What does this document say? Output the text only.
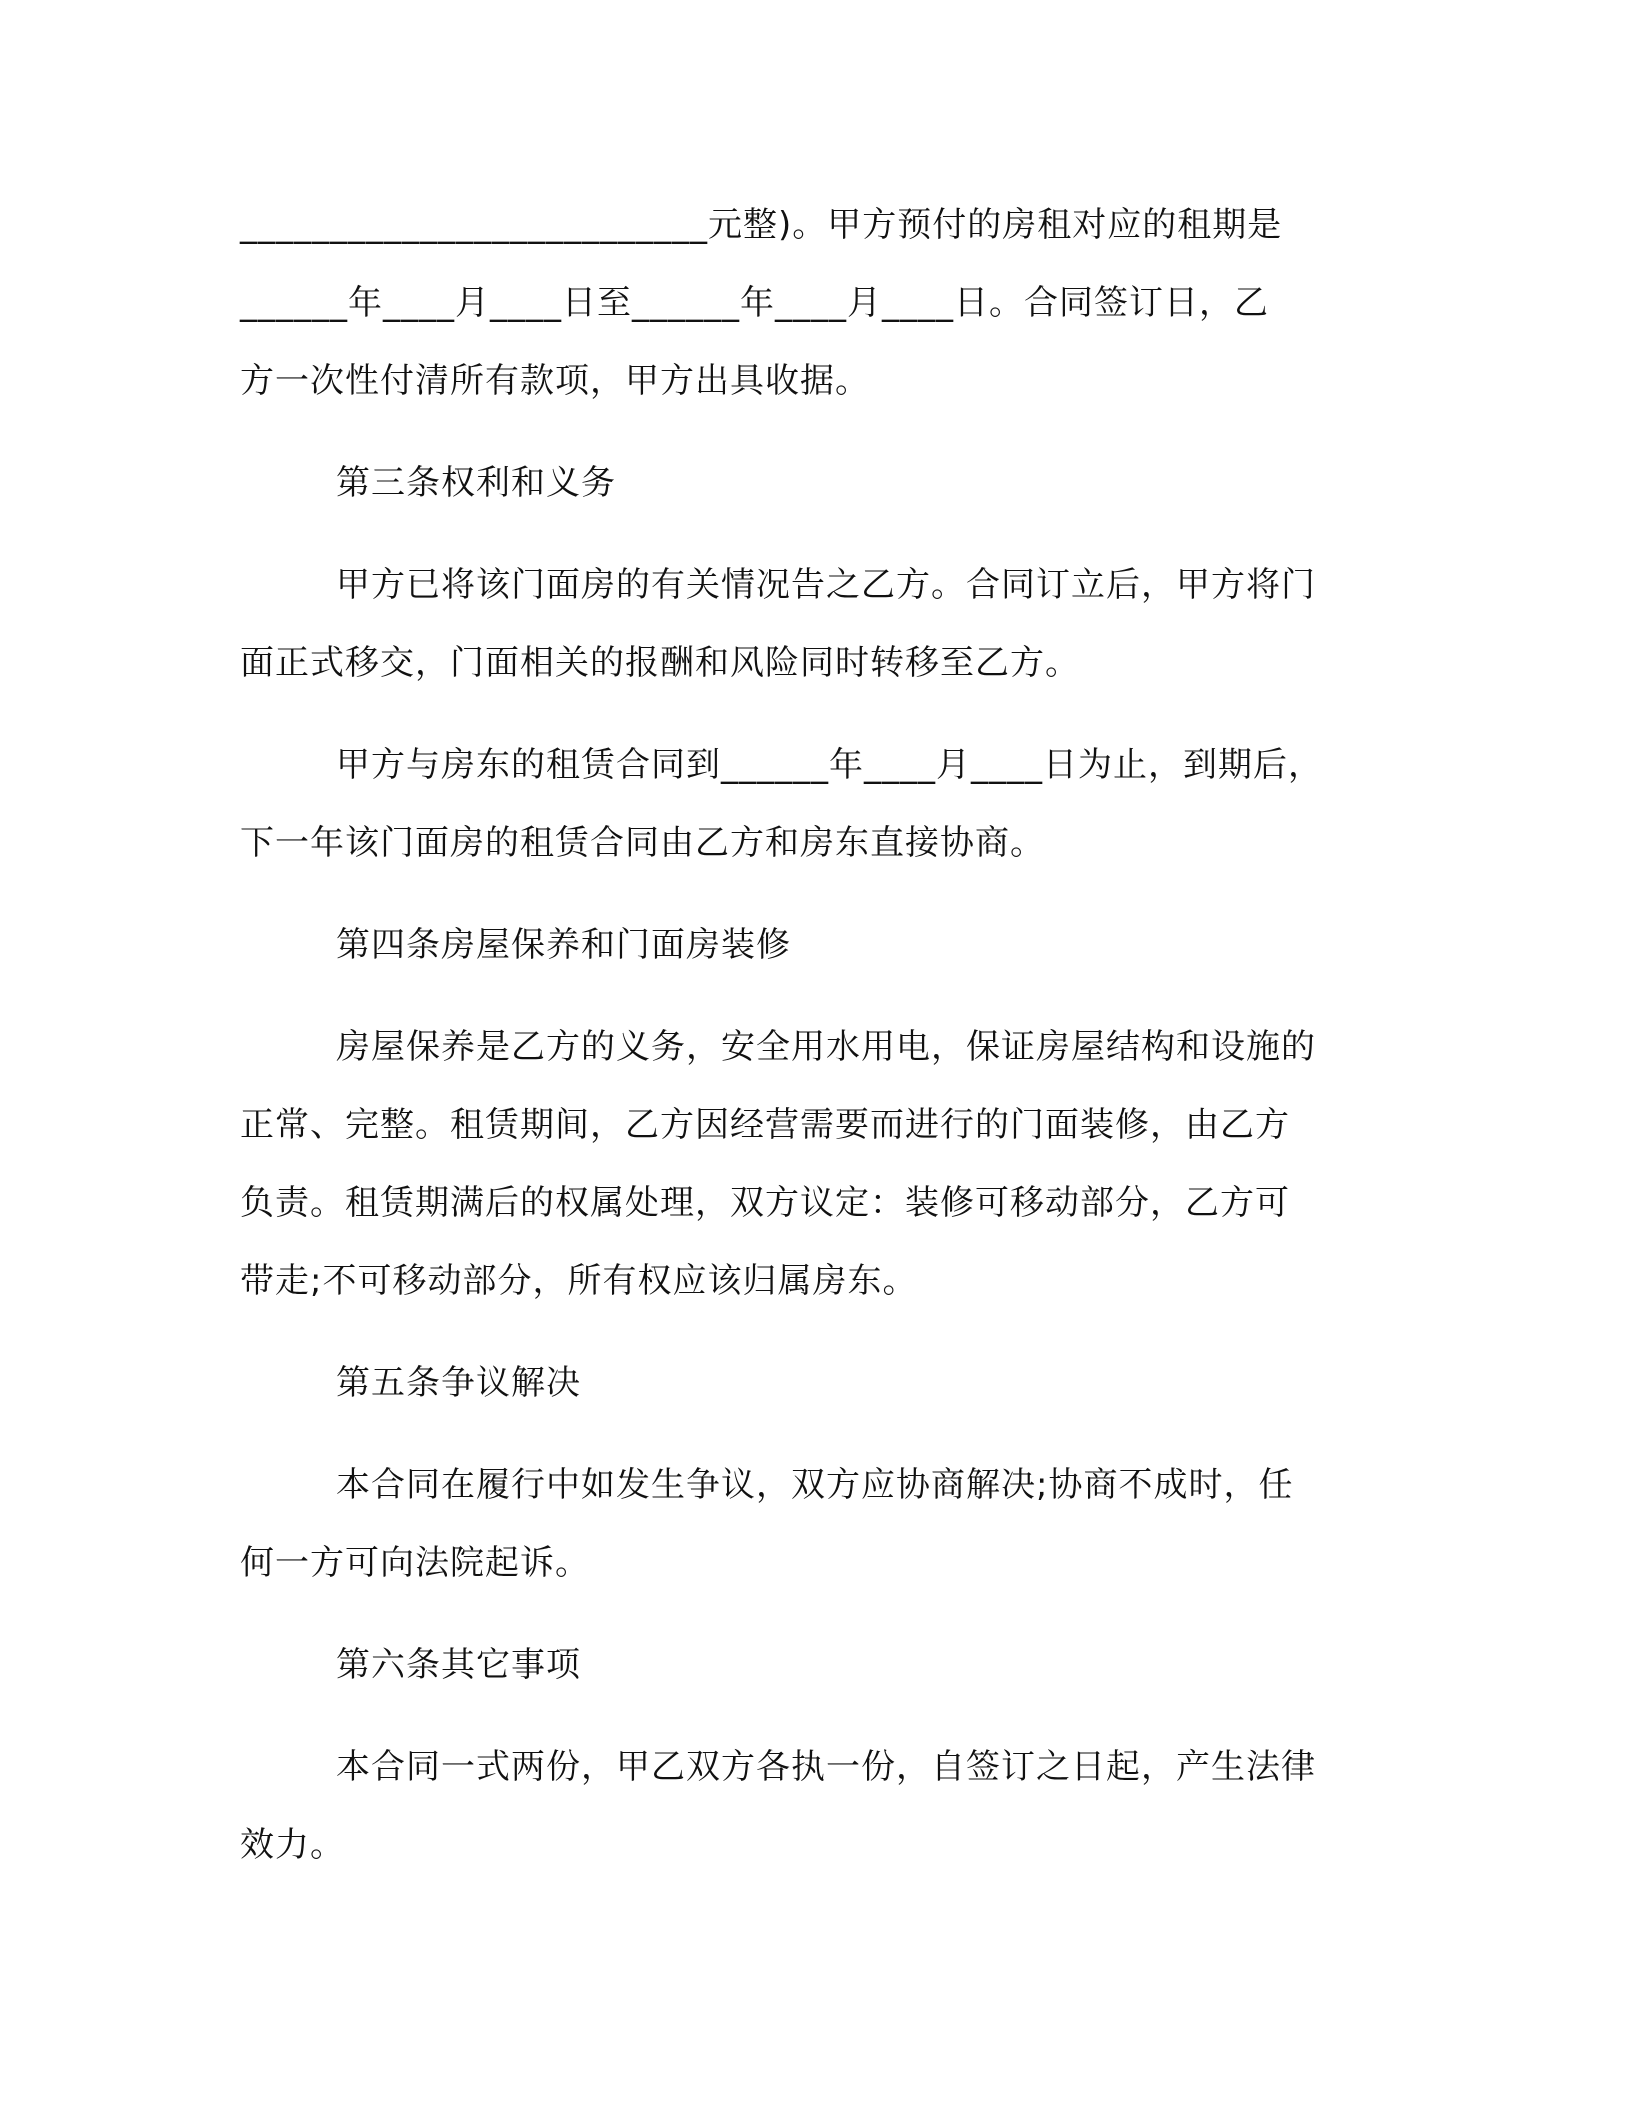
__________________________元整)。甲方预付的房租对应的租期是
______年____月____日至______年____月____日。合同签订日，乙
方一次性付清所有款项，甲方出具收据。
第三条权利和义务
甲方已将该门面房的有关情况告之乙方。合同订立后，甲方将门
面正式移交，门面相关的报酬和风险同时转移至乙方。
甲方与房东的租赁合同到______年____月____日为止，到期后，
下一年该门面房的租赁合同由乙方和房东直接协商。
第四条房屋保养和门面房装修
房屋保养是乙方的义务，安全用水用电，保证房屋结构和设施的
正常、完整。租赁期间，乙方因经营需要而进行的门面装修，由乙方
负责。租赁期满后的权属处理，双方议定：装修可移动部分，乙方可
带走;不可移动部分，所有权应该归属房东。
第五条争议解决
本合同在履行中如发生争议，双方应协商解决;协商不成时，任
何一方可向法院起诉。
第六条其它事项
本合同一式两份，甲乙双方各执一份，自签订之日起，产生法律
效力。
